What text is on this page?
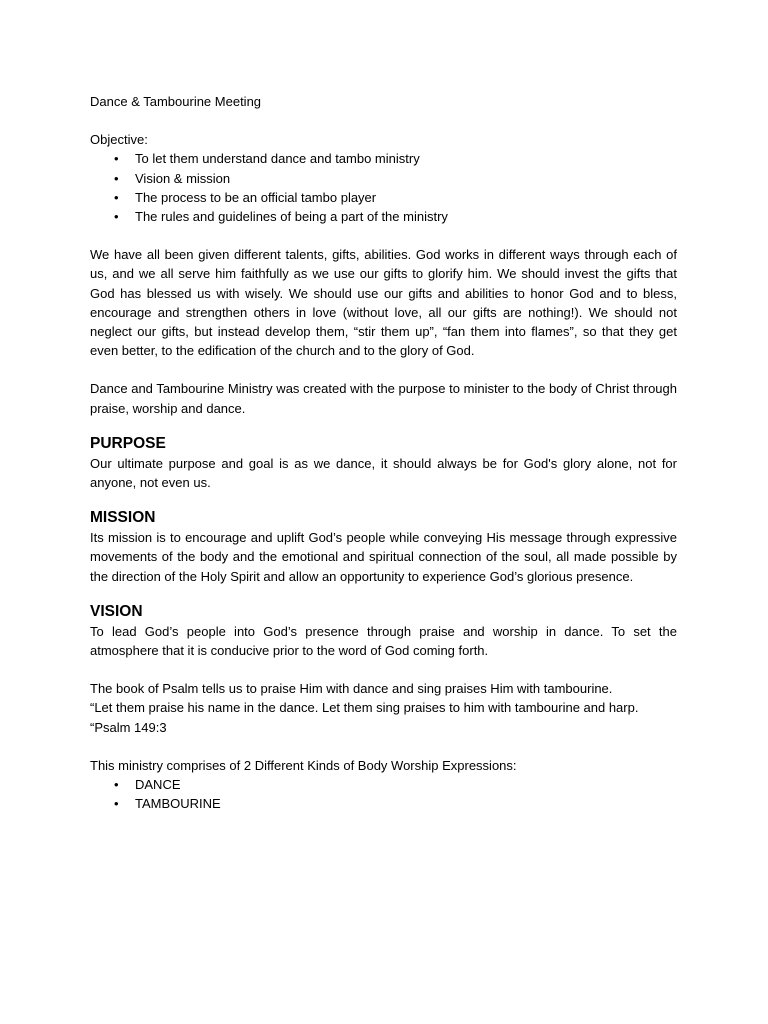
Dance & Tambourine Meeting

Objective:

• To let them understand dance and tambo ministry
• Vision & mission
• The process to be an official tambo player
• The rules and guidelines of being a part of the ministry

We have all been given different talents, gifts, abilities. God works in different ways through each of us, and we all serve him faithfully as we use our gifts to glorify him. We should invest the gifts that God has blessed us with wisely. We should use our gifts and abilities to honor God and to bless, encourage and strengthen others in love (without love, all our gifts are nothing!). We should not neglect our gifts, but instead develop them, “stir them up”, “fan them into flames”, so that they get even better, to the edification of the church and to the glory of God.

Dance and Tambourine Ministry was created with the purpose to minister to the body of Christ through praise, worship and dance.

PURPOSE

Our ultimate purpose and goal is as we dance, it should always be for God's glory alone, not for anyone, not even us.

MISSION

Its mission is to encourage and uplift God’s people while conveying His message through expressive movements of the body and the emotional and spiritual connection of the soul, all made possible by the direction of the Holy Spirit and allow an opportunity to experience God’s glorious presence.

VISION

To lead God’s people into God’s presence through praise and worship in dance. To set the atmosphere that it is conducive prior to the word of God coming forth.

The book of Psalm tells us to praise Him with dance and sing praises Him with tambourine.

“Let them praise his name in the dance. Let them sing praises to him with tambourine and harp. “Psalm 149:3

This ministry comprises of 2 Different Kinds of Body Worship Expressions:

• DANCE
• TAMBOURINE
